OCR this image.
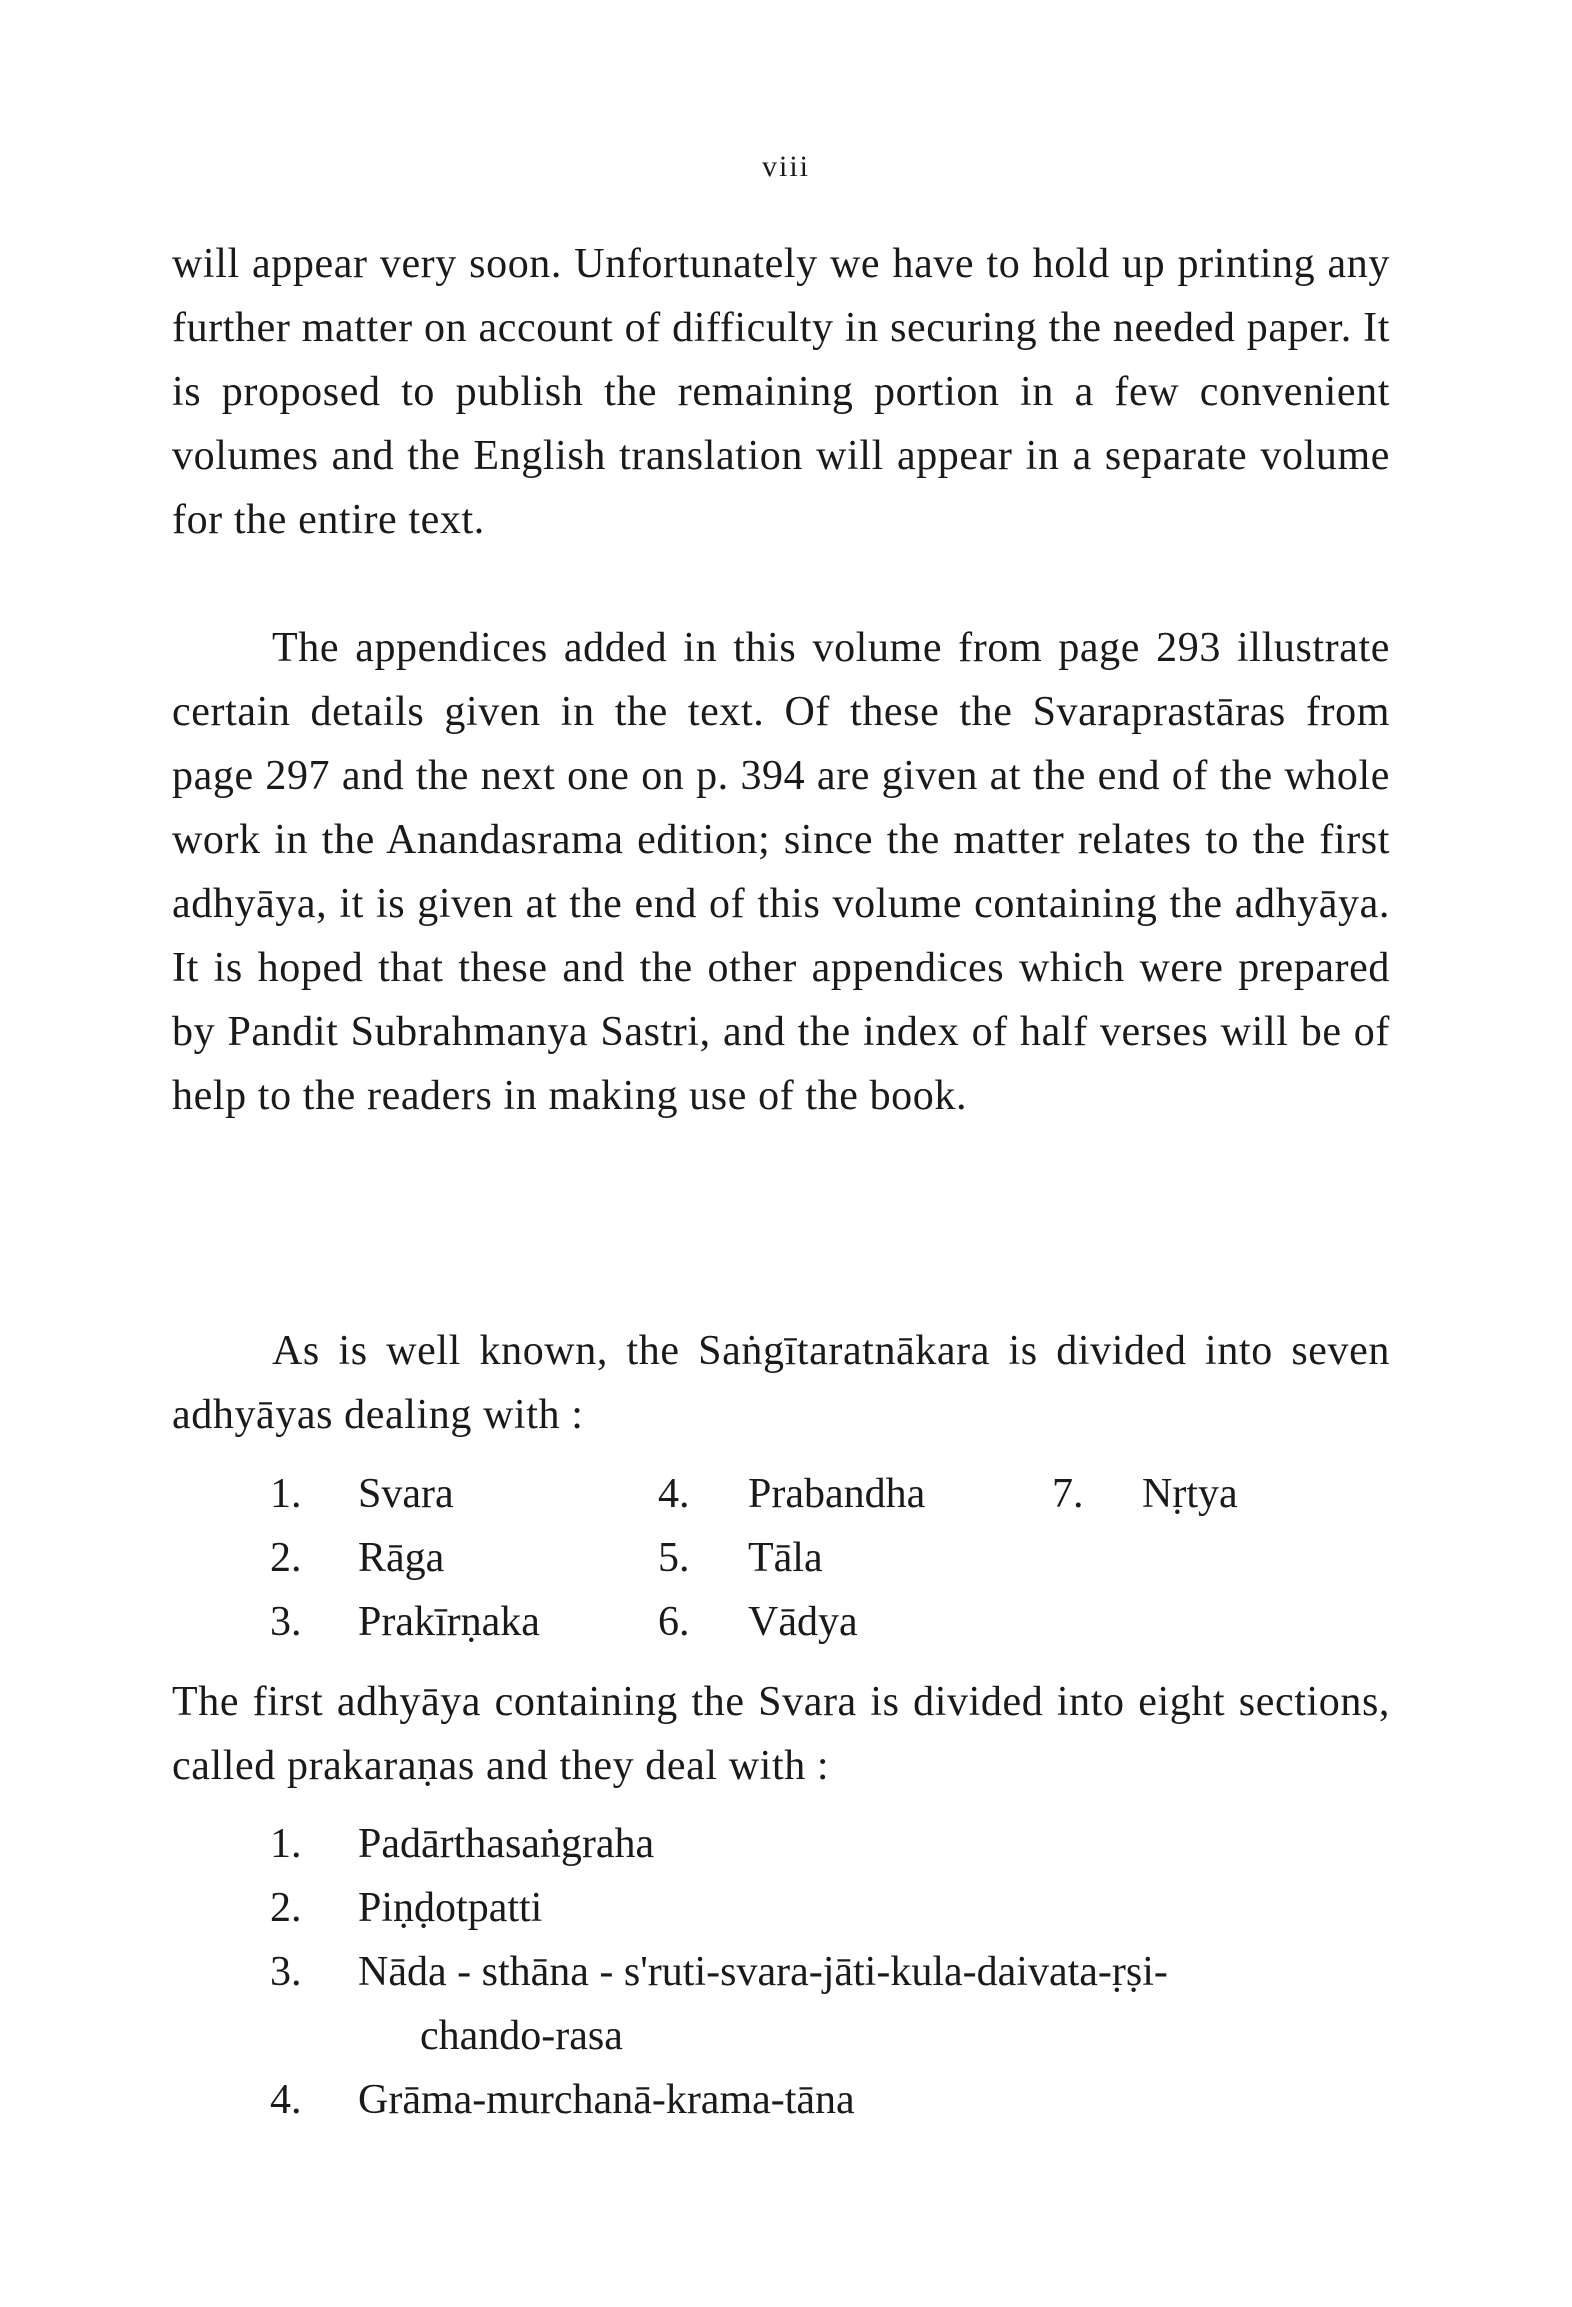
viii

will appear very soon. Unfortunately we have to hold up printing any further matter on account of difficulty in securing the needed paper. It is proposed to publish the remaining portion in a few convenient volumes and the English translation will appear in a separate volume for the entire text.

The appendices added in this volume from page 293 illustrate certain details given in the text. Of these the Svaraprastāras from page 297 and the next one on p. 394 are given at the end of the whole work in the Anandasrama edition; since the matter relates to the first adhyāya, it is given at the end of this volume containing the adhyāya. It is hoped that these and the other appendices which were prepared by Pandit Subrahmanya Sastri, and the index of half verses will be of help to the readers in making use of the book.

As is well known, the Saṅgītaratnākara is divided into seven adhyāyas dealing with :

1. Svara	4. Prabandha	7. Nṛtya
2. Rāga	5. Tāla
3. Prakīrṇaka	6. Vādya

The first adhyāya containing the Svara is divided into eight sections, called prakaraṇas and they deal with :

1. Padārthasaṅgraha
2. Piṇḍotpatti
3. Nāda - sthāna - s'ruti-svara-jāti-kula-daivata-ṛṣi-
chando-rasa
4. Grāma-murchanā-krama-tāna
